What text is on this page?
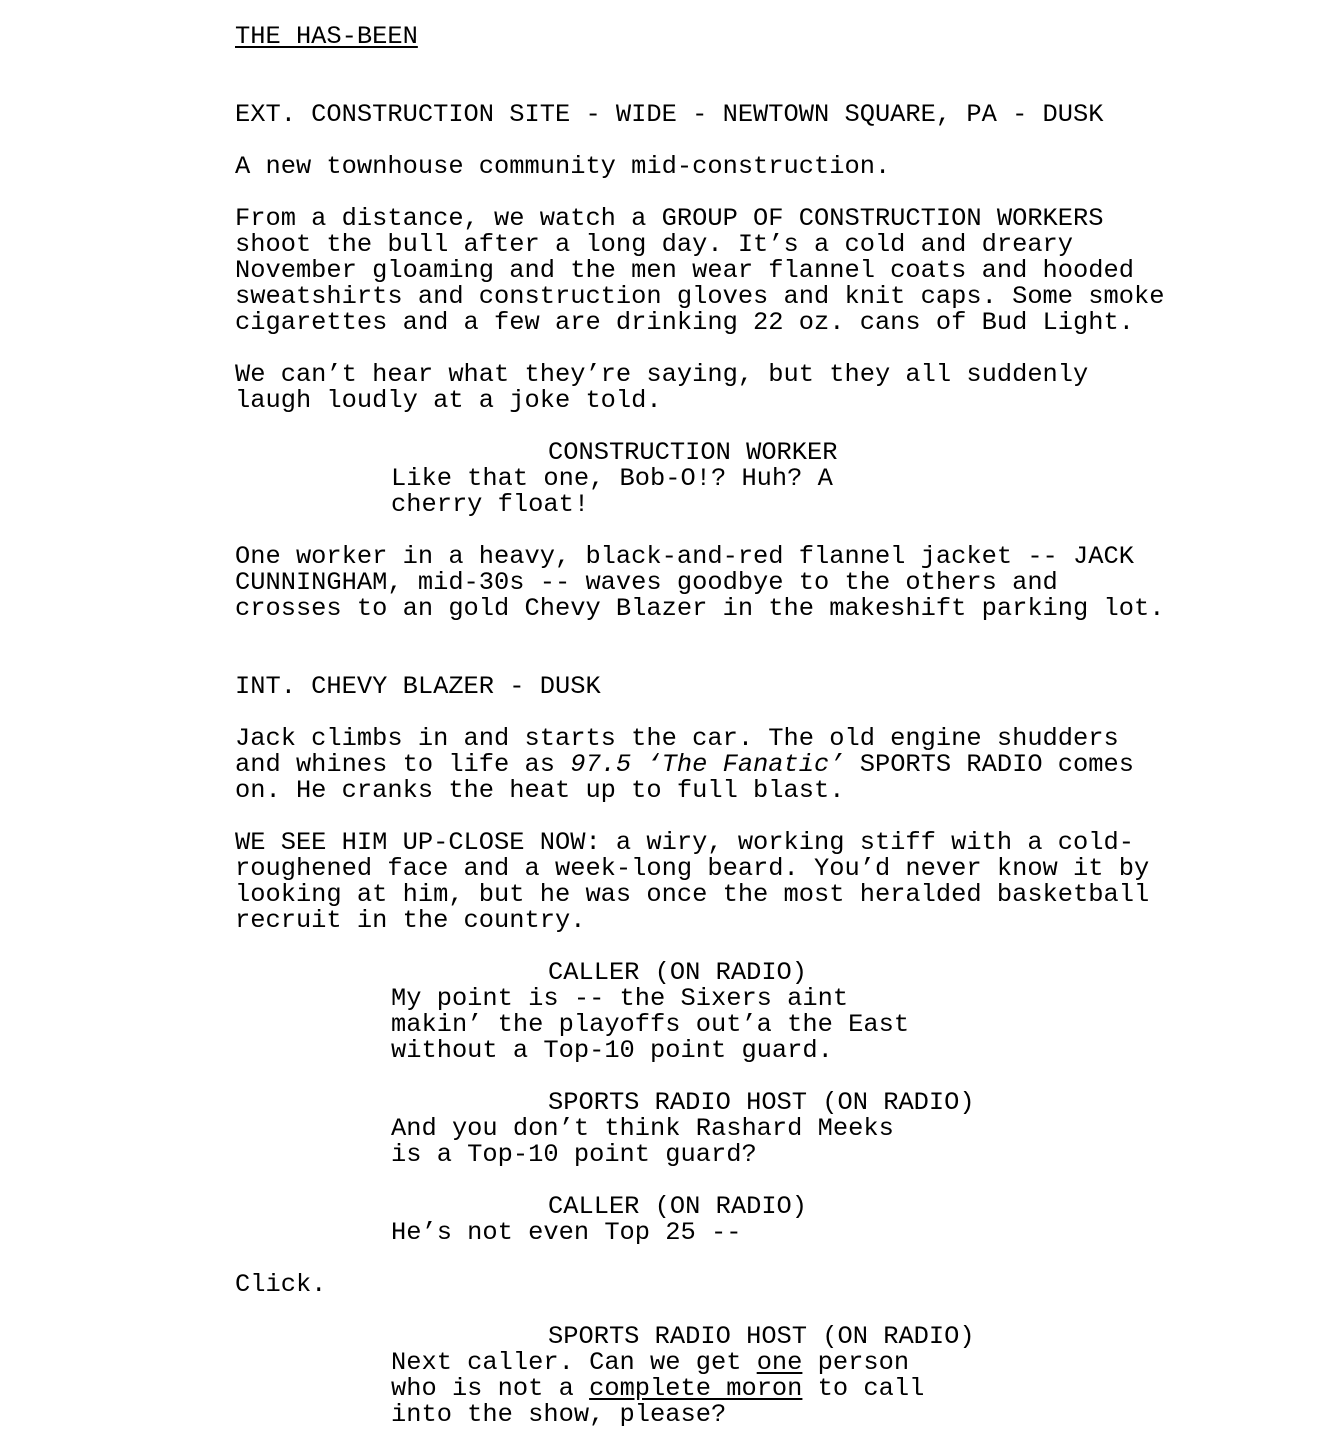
THE HAS-BEEN
EXT. CONSTRUCTION SITE - WIDE - NEWTOWN SQUARE, PA - DUSK
A new townhouse community mid-construction.
From a distance, we watch a GROUP OF CONSTRUCTION WORKERS
shoot the bull after a long day. It’s a cold and dreary
November gloaming and the men wear flannel coats and hooded
sweatshirts and construction gloves and knit caps. Some smoke
cigarettes and a few are drinking 22 oz. cans of Bud Light.
We can’t hear what they’re saying, but they all suddenly
laugh loudly at a joke told.
CONSTRUCTION WORKER
Like that one, Bob-O!? Huh? A
cherry float!
One worker in a heavy, black-and-red flannel jacket -- JACK
CUNNINGHAM, mid-30s -- waves goodbye to the others and
crosses to an gold Chevy Blazer in the makeshift parking lot.
INT. CHEVY BLAZER - DUSK
Jack climbs in and starts the car. The old engine shudders
and whines to life as 97.5 ‘The Fanatic’ SPORTS RADIO comes
on. He cranks the heat up to full blast.
WE SEE HIM UP-CLOSE NOW: a wiry, working stiff with a cold-
roughened face and a week-long beard. You’d never know it by
looking at him, but he was once the most heralded basketball
recruit in the country.
CALLER (ON RADIO)
My point is -- the Sixers aint
makin’ the playoffs out’a the East
without a Top-10 point guard.
SPORTS RADIO HOST (ON RADIO)
And you don’t think Rashard Meeks
is a Top-10 point guard?
CALLER (ON RADIO)
He’s not even Top 25 --
Click.
SPORTS RADIO HOST (ON RADIO)
Next caller. Can we get one person
who is not a complete moron to call
into the show, please?
